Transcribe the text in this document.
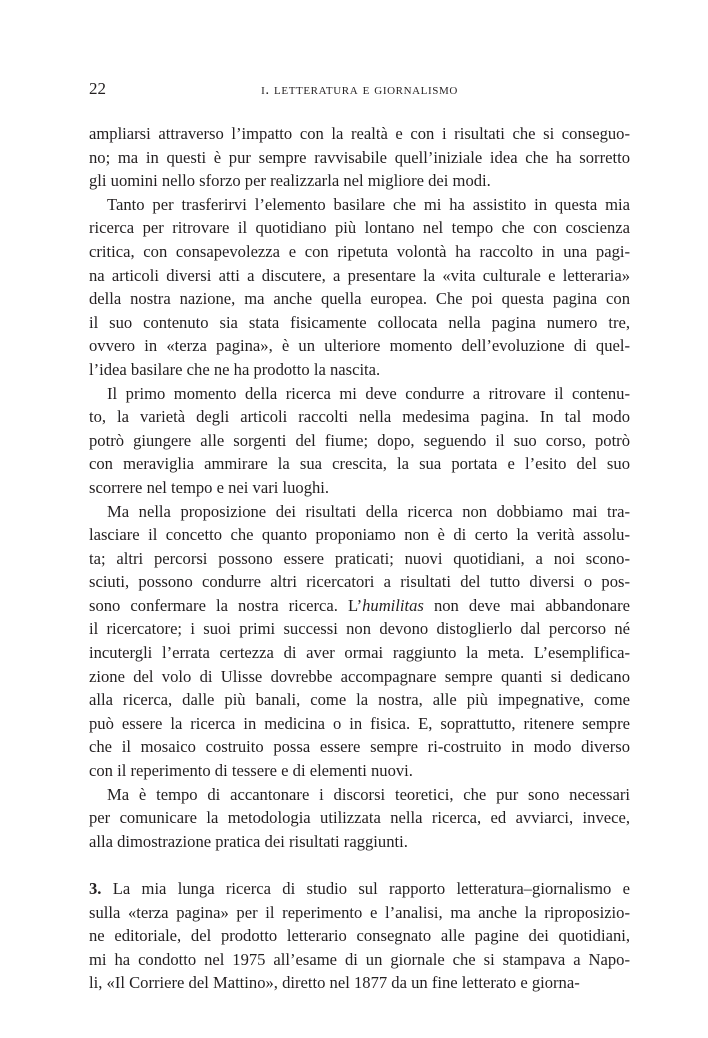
22	i. letteratura e giornalismo
ampliarsi attraverso l’impatto con la realtà e con i risultati che si conseguo-
no; ma in questi è pur sempre ravvisabile quell’iniziale idea che ha sorretto
gli uomini nello sforzo per realizzarla nel migliore dei modi.
Tanto per trasferirvi l’elemento basilare che mi ha assistito in questa mia
ricerca per ritrovare il quotidiano più lontano nel tempo che con coscienza
critica, con consapevolezza e con ripetuta volontà ha raccolto in una pagi-
na articoli diversi atti a discutere, a presentare la «vita culturale e letteraria»
della nostra nazione, ma anche quella europea. Che poi questa pagina con
il suo contenuto sia stata fisicamente collocata nella pagina numero tre,
ovvero in «terza pagina», è un ulteriore momento dell’evoluzione di quel-
l’idea basilare che ne ha prodotto la nascita.
Il primo momento della ricerca mi deve condurre a ritrovare il contenu-
to, la varietà degli articoli raccolti nella medesima pagina. In tal modo
potrò giungere alle sorgenti del fiume; dopo, seguendo il suo corso, potrò
con meraviglia ammirare la sua crescita, la sua portata e l’esito del suo
scorrere nel tempo e nei vari luoghi.
Ma nella proposizione dei risultati della ricerca non dobbiamo mai tra-
lasciare il concetto che quanto proponiamo non è di certo la verità assolu-
ta; altri percorsi possono essere praticati; nuovi quotidiani, a noi scono-
sciuti, possono condurre altri ricercatori a risultati del tutto diversi o pos-
sono confermare la nostra ricerca. L’humilitas non deve mai abbandonare
il ricercatore; i suoi primi successi non devono distoglierlo dal percorso né
incutergli l’errata certezza di aver ormai raggiunto la meta. L’esemplifica-
zione del volo di Ulisse dovrebbe accompagnare sempre quanti si dedicano
alla ricerca, dalle più banali, come la nostra, alle più impegnative, come
può essere la ricerca in medicina o in fisica. E, soprattutto, ritenere sempre
che il mosaico costruito possa essere sempre ri-costruito in modo diverso
con il reperimento di tessere e di elementi nuovi.
Ma è tempo di accantonare i discorsi teoretici, che pur sono necessari
per comunicare la metodologia utilizzata nella ricerca, ed avviarci, invece,
alla dimostrazione pratica dei risultati raggiunti.
3. La mia lunga ricerca di studio sul rapporto letteratura–giornalismo e
sulla «terza pagina» per il reperimento e l’analisi, ma anche la riproposizio-
ne editoriale, del prodotto letterario consegnato alle pagine dei quotidiani,
mi ha condotto nel 1975 all’esame di un giornale che si stampava a Napo-
li, «Il Corriere del Mattino», diretto nel 1877 da un fine letterato e giorna-
